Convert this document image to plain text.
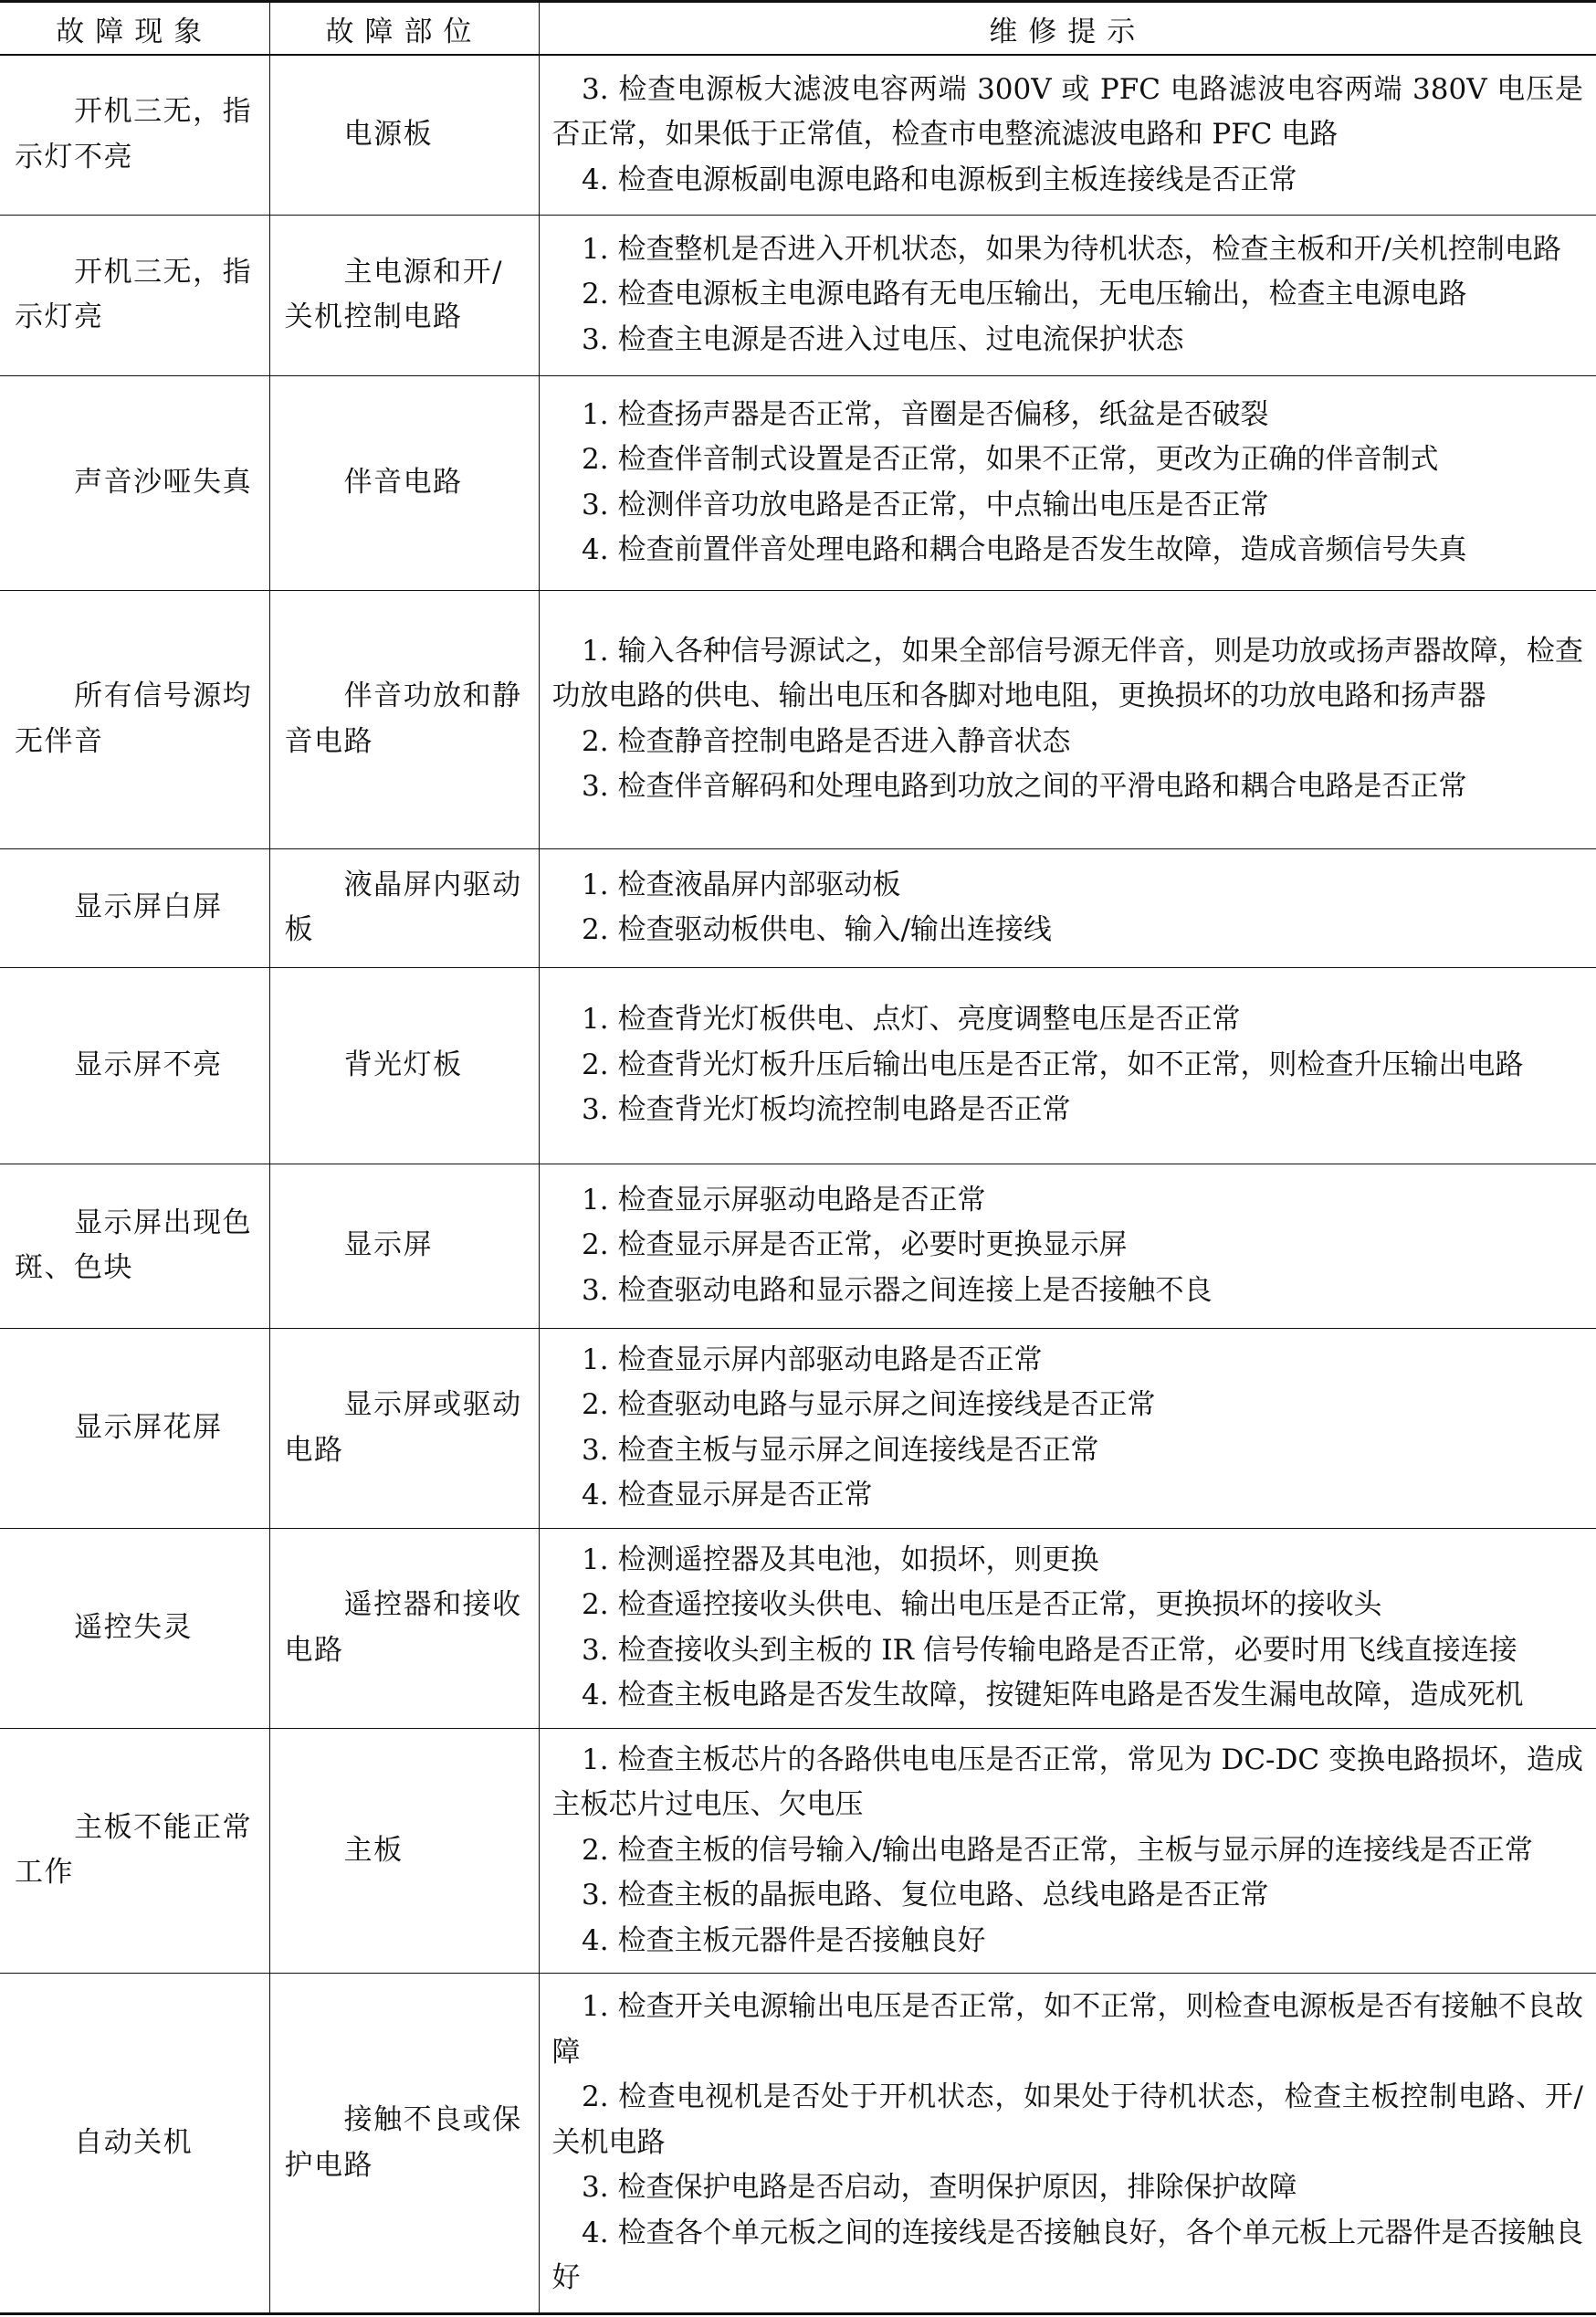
故障现象	故障部位	维修提示
开机三无，指示灯不亮	电源板	3. 检查电源板大滤波电容两端 300V 或 PFC 电路滤波电容两端 380V 电压是否正常，如果低于正常值，检查市电整流滤波电路和 PFC 电路
4. 检查电源板副电源电路和电源板到主板连接线是否正常

开机三无，指示灯亮	主电源和开/关机控制电路	1. 检查整机是否进入开机状态，如果为待机状态，检查主板和开/关机控制电路
2. 检查电源板主电源电路有无电压输出，无电压输出，检查主电源电路
3. 检查主电源是否进入过电压、过电流保护状态

声音沙哑失真	伴音电路	1. 检查扬声器是否正常，音圈是否偏移，纸盆是否破裂
2. 检查伴音制式设置是否正常，如果不正常，更改为正确的伴音制式
3. 检测伴音功放电路是否正常，中点输出电压是否正常
4. 检查前置伴音处理电路和耦合电路是否发生故障，造成音频信号失真

所有信号源均无伴音	伴音功放和静音电路	1. 输入各种信号源试之，如果全部信号源无伴音，则是功放或扬声器故障，检查功放电路的供电、输出电压和各脚对地电阻，更换损坏的功放电路和扬声器
2. 检查静音控制电路是否进入静音状态
3. 检查伴音解码和处理电路到功放之间的平滑电路和耦合电路是否正常

显示屏白屏	液晶屏内驱动板	1. 检查液晶屏内部驱动板
2. 检查驱动板供电、输入/输出连接线

显示屏不亮	背光灯板	1. 检查背光灯板供电、点灯、亮度调整电压是否正常
2. 检查背光灯板升压后输出电压是否正常，如不正常，则检查升压输出电路
3. 检查背光灯板均流控制电路是否正常

显示屏出现色斑、色块	显示屏	1. 检查显示屏驱动电路是否正常
2. 检查显示屏是否正常，必要时更换显示屏
3. 检查驱动电路和显示器之间连接上是否接触不良

显示屏花屏	显示屏或驱动电路	1. 检查显示屏内部驱动电路是否正常
2. 检查驱动电路与显示屏之间连接线是否正常
3. 检查主板与显示屏之间连接线是否正常
4. 检查显示屏是否正常

遥控失灵	遥控器和接收电路	1. 检测遥控器及其电池，如损坏，则更换
2. 检查遥控接收头供电、输出电压是否正常，更换损坏的接收头
3. 检查接收头到主板的 IR 信号传输电路是否正常，必要时用飞线直接连接
4. 检查主板电路是否发生故障，按键矩阵电路是否发生漏电故障，造成死机

主板不能正常工作	主板	1. 检查主板芯片的各路供电电压是否正常，常见为 DC-DC 变换电路损坏，造成主板芯片过电压、欠电压
2. 检查主板的信号输入/输出电路是否正常，主板与显示屏的连接线是否正常
3. 检查主板的晶振电路、复位电路、总线电路是否正常
4. 检查主板元器件是否接触良好

自动关机	接触不良或保护电路	1. 检查开关电源输出电压是否正常，如不正常，则检查电源板是否有接触不良故障
2. 检查电视机是否处于开机状态，如果处于待机状态，检查主板控制电路、开/关机电路
3. 检查保护电路是否启动，查明保护原因，排除保护故障
4. 检查各个单元板之间的连接线是否接触良好，各个单元板上元器件是否接触良好
